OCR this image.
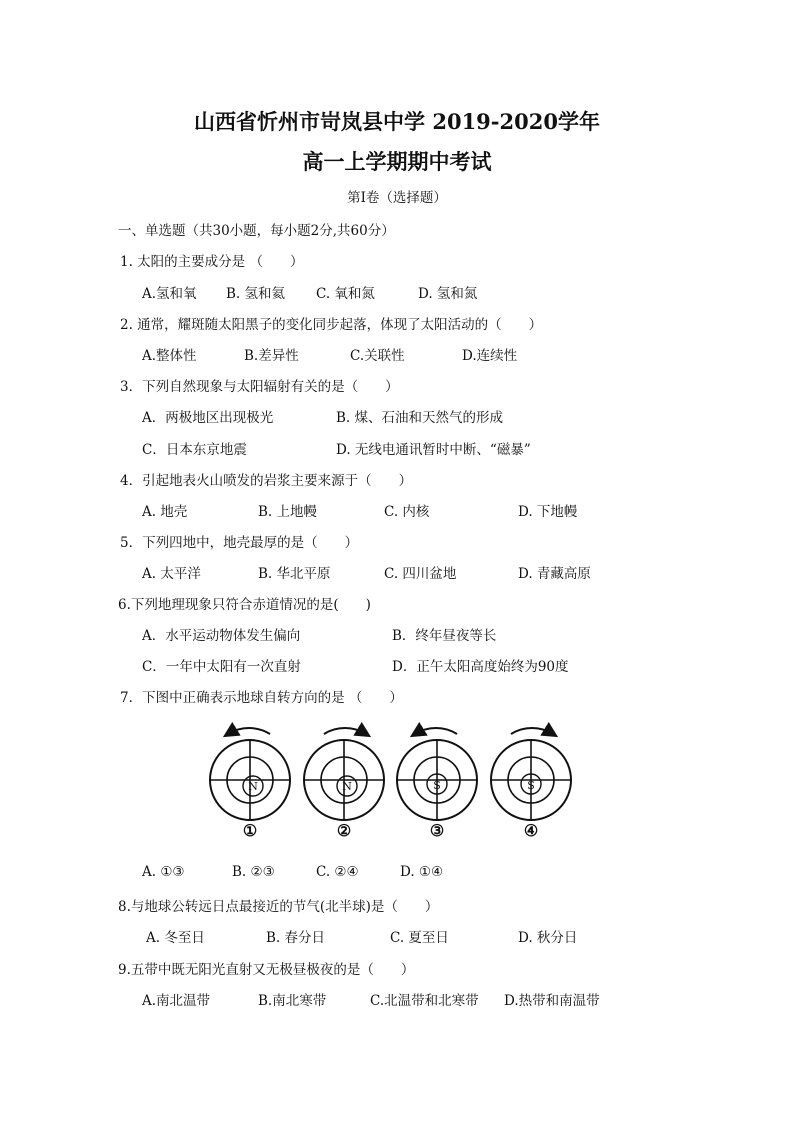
山西省忻州市岢岚县中学 2019-2020学年
高一上学期期中考试
第Ⅰ卷（选择题）
一、单选题（共30小题，每小题2分,共60分）
1. 太阳的主要成分是 （　　）
A.氢和氧 B. 氢和氦 C. 氧和氮	D. 氢和氮
2. 通常，耀斑随太阳黑子的变化同步起落，体现了太阳活动的（　　）
A.整体性	B.差异性	C.关联性	D.连续性
3．下列自然现象与太阳辐射有关的是（　　）
A．两极地区出现极光	B. 煤、石油和天然气的形成
C．日本东京地震	D. 无线电通讯暂时中断、“磁暴”
4．引起地表火山喷发的岩浆主要来源于（　　）
A. 地壳	B. 上地幔	C. 内核	D. 下地幔
5．下列四地中，地壳最厚的是（　　）
A. 太平洋	B. 华北平原	C. 四川盆地	D. 青藏高原
6.下列地理现象只符合赤道情况的是(　　)
A．水平运动物体发生偏向	B．终年昼夜等长
C．一年中太阳有一次直射	D．正午太阳高度始终为90度
7．下图中正确表示地球自转方向的是 （　　）
N	N	S	S
①	②	③	④
A. ①③	B. ②③	C. ②④	D. ①④
8.与地球公转远日点最接近的节气(北半球)是（　　）
A. 冬至日	B. 春分日	C. 夏至日	D. 秋分日
9.五带中既无阳光直射又无极昼极夜的是（　　）
A.南北温带	B.南北寒带	C.北温带和北寒带 D.热带和南温带
